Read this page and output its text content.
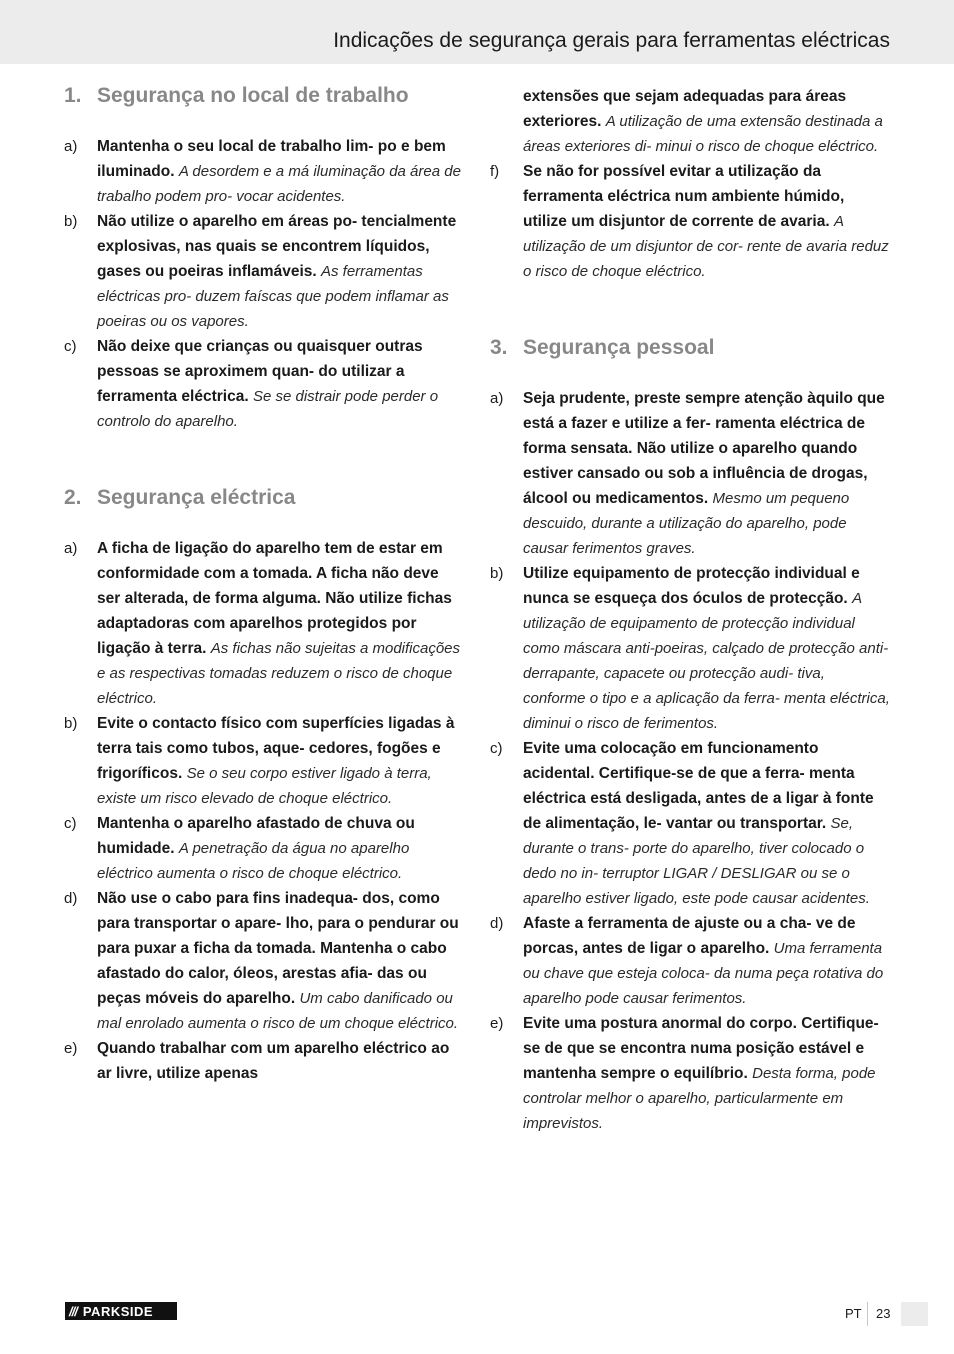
Indicações de segurança gerais para ferramentas eléctricas
1. Segurança no local de trabalho
a)	Mantenha o seu local de trabalho lim- po e bem iluminado. A desordem e a má iluminação da área de trabalho podem pro- vocar acidentes.
b)	Não utilize o aparelho em áreas po- tencialmente explosivas, nas quais se encontrem líquidos, gases ou poeiras inflamáveis. As ferramentas eléctricas pro- duzem faíscas que podem inflamar as poeiras ou os vapores.
c)	Não deixe que crianças ou quaisquer outras pessoas se aproximem quan- do utilizar a ferramenta eléctrica. Se se distrair pode perder o controlo do aparelho.
2. Segurança eléctrica
a)	A ficha de ligação do aparelho tem de estar em conformidade com a tomada. A ficha não deve ser alterada, de forma alguma. Não utilize fichas adaptadoras com aparelhos protegidos por ligação à terra. As fichas não sujeitas a modificações e as respectivas tomadas reduzem o risco de choque eléctrico.
b)	Evite o contacto físico com superfícies ligadas à terra tais como tubos, aque- cedores, fogões e frigoríficos. Se o seu corpo estiver ligado à terra, existe um risco elevado de choque eléctrico.
c)	Mantenha o aparelho afastado de chuva ou humidade. A penetração da água no aparelho eléctrico aumenta o risco de choque eléctrico.
d)	Não use o cabo para fins inadequa- dos, como para transportar o apare- lho, para o pendurar ou para puxar a ficha da tomada. Mantenha o cabo afastado do calor, óleos, arestas afia- das ou peças móveis do aparelho. Um cabo danificado ou mal enrolado aumenta o risco de um choque eléctrico.
e)	Quando trabalhar com um aparelho eléctrico ao ar livre, utilize apenas
extensões que sejam adequadas para áreas exteriores. A utilização de uma extensão destinada a áreas exteriores di- minui o risco de choque eléctrico.
f)	Se não for possível evitar a utilização da ferramenta eléctrica num ambiente húmido, utilize um disjuntor de corrente de avaria. A utilização de um disjuntor de cor- rente de avaria reduz o risco de choque eléctrico.
3. Segurança pessoal
a)	Seja prudente, preste sempre atenção àquilo que está a fazer e utilize a fer- ramenta eléctrica de forma sensata. Não utilize o aparelho quando estiver cansado ou sob a influência de drogas, álcool ou medicamentos. Mesmo um pequeno descuido, durante a utilização do aparelho, pode causar ferimentos graves.
b)	Utilize equipamento de protecção individual e nunca se esqueça dos óculos de protecção. A utilização de equipamento de protecção individual como máscara anti-poeiras, calçado de protecção anti-derrapante, capacete ou protecção audi- tiva, conforme o tipo e a aplicação da ferra- menta eléctrica, diminui o risco de ferimentos.
c)	Evite uma colocação em funcionamento acidental. Certifique-se de que a ferra- menta eléctrica está desligada, antes de a ligar à fonte de alimentação, le- vantar ou transportar. Se, durante o trans- porte do aparelho, tiver colocado o dedo no in- terruptor LIGAR / DESLIGAR ou se o aparelho estiver ligado, este pode causar acidentes.
d)	Afaste a ferramenta de ajuste ou a cha- ve de porcas, antes de ligar o aparelho. Uma ferramenta ou chave que esteja coloca- da numa peça rotativa do aparelho pode causar ferimentos.
e)	Evite uma postura anormal do corpo. Certifique-se de que se encontra numa posição estável e mantenha sempre o equilíbrio. Desta forma, pode controlar melhor o aparelho, particularmente em imprevistos.
/// PARKSIDE	PT 23
